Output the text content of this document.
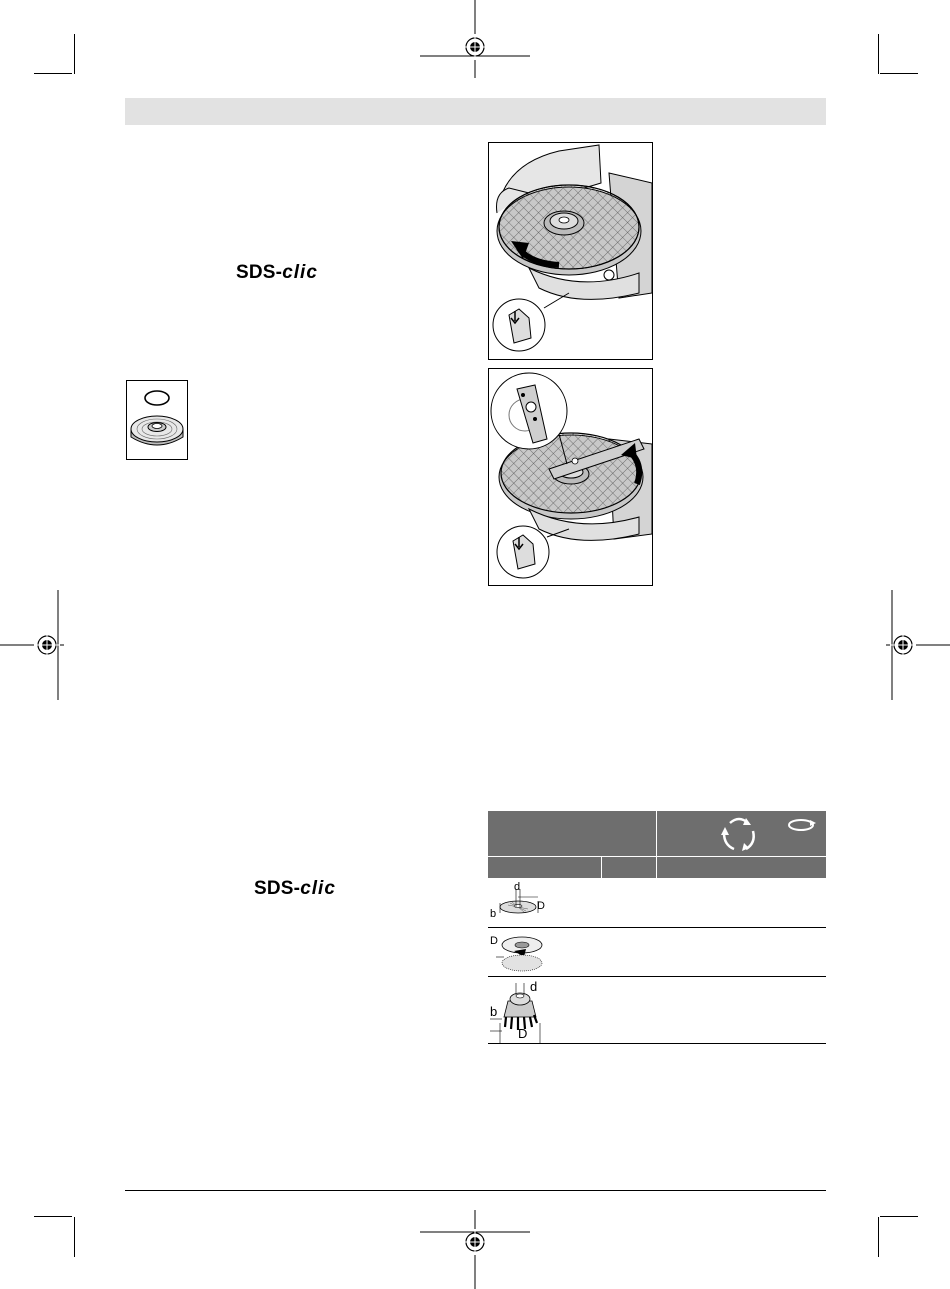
SDS-clic
SDS-clic	d
b
D
D
d
b
D
